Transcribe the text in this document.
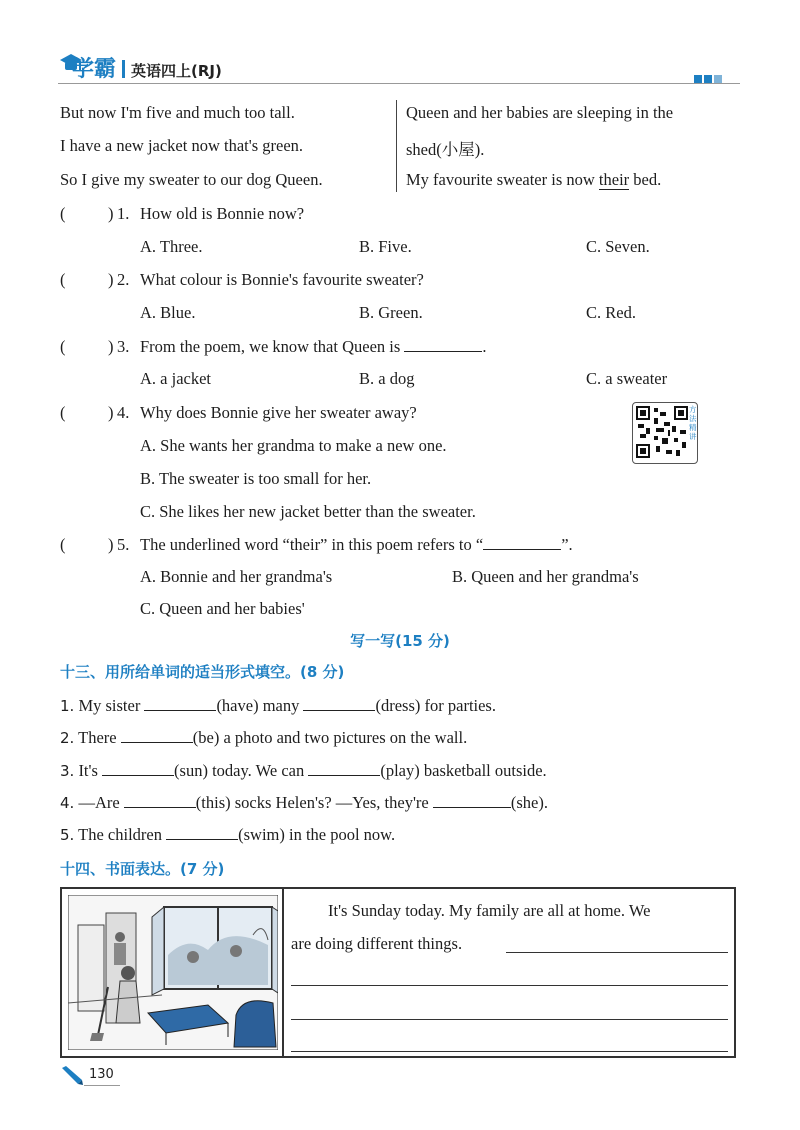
学霸 英语四上(RJ)
But now I'm five and much too tall.
I have a new jacket now that's green.
So I give my sweater to our dog Queen.
Queen and her babies are sleeping in the
shed(小屋).
My favourite sweater is now their bed.
(	) 1. How old is Bonnie now?
A. Three.	B. Five.	C. Seven.
(	) 2. What colour is Bonnie's favourite sweater?
A. Blue.	B. Green.	C. Red.
(	) 3. From the poem, we know that Queen is	.
A. a jacket	B. a dog	C. a sweater
(	) 4. Why does Bonnie give her sweater away?
A. She wants her grandma to make a new one.
B. The sweater is too small for her.
C. She likes her new jacket better than the sweater.
方法精讲
(	) 5. The underlined word “their” in this poem refers to “	”.
A. Bonnie and her grandma's	B. Queen and her grandma's
C. Queen and her babies'
写一写(15 分)
十三、用所给单词的适当形式填空。(8 分)
1. My sister	(have) many	(dress) for parties.
2. There	(be) a photo and two pictures on the wall.
3. It's	(sun) today. We can	(play) basketball outside.
4. —Are	(this) socks Helen's? —Yes, they're	(she).
5. The children	(swim) in the pool now.
十四、书面表达。(7 分)
It's Sunday today. My family are all at home. We
are doing different things.
130
